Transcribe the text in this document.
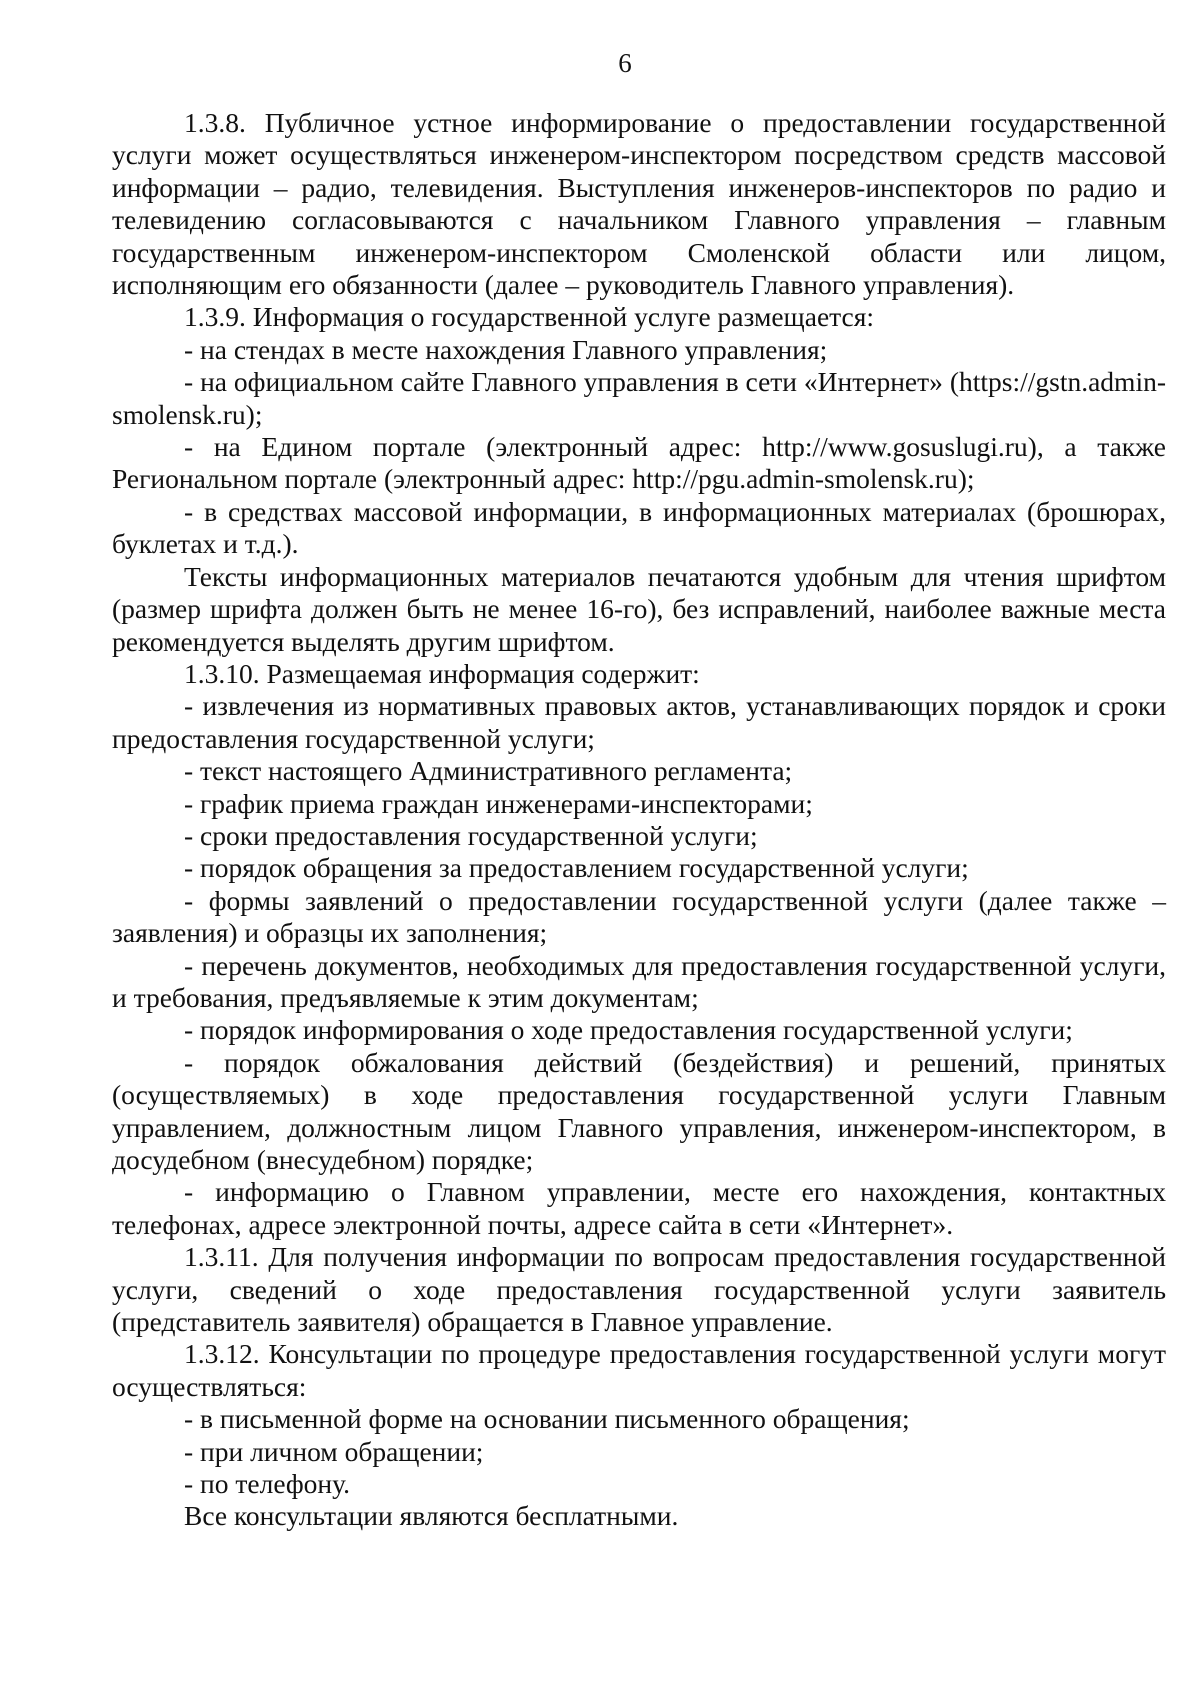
6

1.3.8. Публичное устное информирование о предоставлении государственной услуги может осуществляться инженером-инспектором посредством средств массовой информации – радио, телевидения. Выступления инженеров-инспекторов по радио и телевидению согласовываются с начальником Главного управления – главным государственным инженером-инспектором Смоленской области или лицом, исполняющим его обязанности (далее – руководитель Главного управления).

1.3.9. Информация о государственной услуге размещается:

- на стендах в месте нахождения Главного управления;

- на официальном сайте Главного управления в сети «Интернет» (https://gstn.admin-smolensk.ru);

- на Едином портале (электронный адрес: http://www.gosuslugi.ru), а также Региональном портале (электронный адрес: http://pgu.admin-smolensk.ru);

- в средствах массовой информации, в информационных материалах (брошюрах, буклетах и т.д.).

Тексты информационных материалов печатаются удобным для чтения шрифтом (размер шрифта должен быть не менее 16-го), без исправлений, наиболее важные места рекомендуется выделять другим шрифтом.

1.3.10. Размещаемая информация содержит:

- извлечения из нормативных правовых актов, устанавливающих порядок и сроки предоставления государственной услуги;

- текст настоящего Административного регламента;

- график приема граждан инженерами-инспекторами;

- сроки предоставления государственной услуги;

- порядок обращения за предоставлением государственной услуги;

- формы заявлений о предоставлении государственной услуги (далее также – заявления) и образцы их заполнения;

- перечень документов, необходимых для предоставления государственной услуги, и требования, предъявляемые к этим документам;

- порядок информирования о ходе предоставления государственной услуги;

- порядок обжалования действий (бездействия) и решений, принятых (осуществляемых) в ходе предоставления государственной услуги Главным управлением, должностным лицом Главного управления, инженером-инспектором, в досудебном (внесудебном) порядке;

- информацию о Главном управлении, месте его нахождения, контактных телефонах, адресе электронной почты, адресе сайта в сети «Интернет».

1.3.11. Для получения информации по вопросам предоставления государственной услуги, сведений о ходе предоставления государственной услуги заявитель (представитель заявителя) обращается в Главное управление.

1.3.12. Консультации по процедуре предоставления государственной услуги могут осуществляться:

- в письменной форме на основании письменного обращения;

- при личном обращении;

- по телефону.

Все консультации являются бесплатными.
